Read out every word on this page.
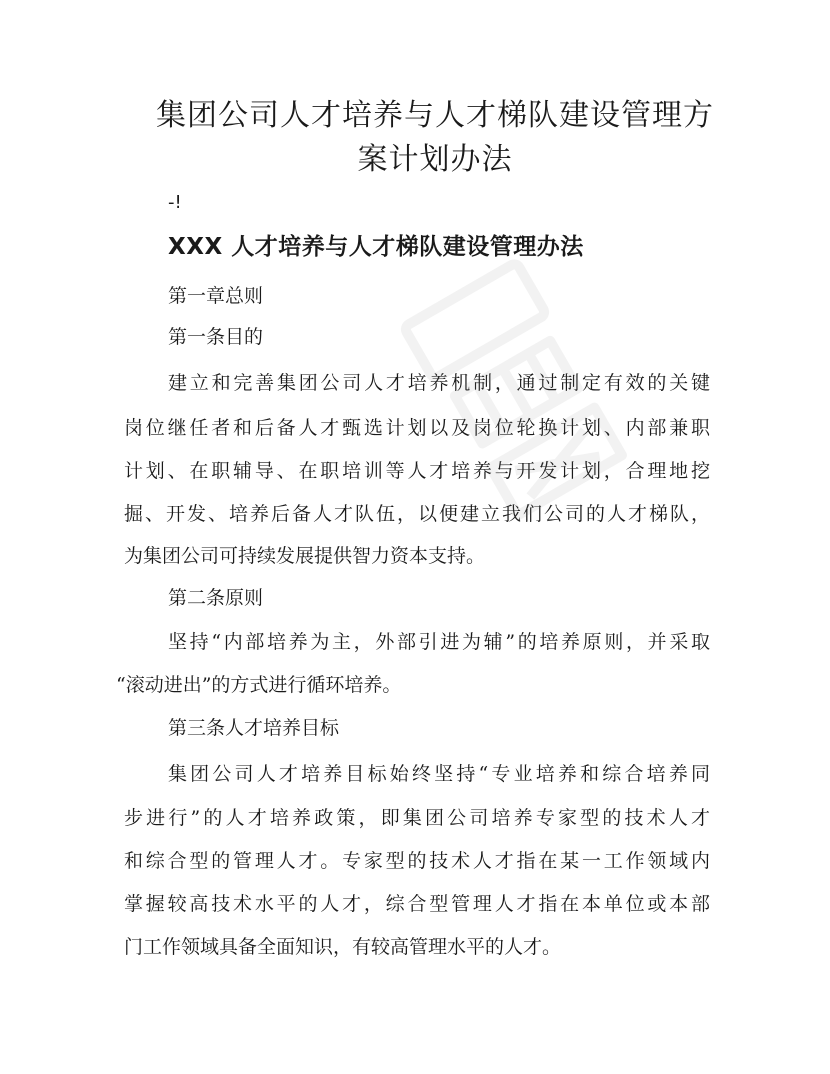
集团公司人才培养与人才梯队建设管理方
案计划办法
-!
XXX 人才培养与人才梯队建设管理办法
第一章总则
第一条目的
建立和完善集团公司人才培养机制，通过制定有效的关键
岗位继任者和后备人才甄选计划以及岗位轮换计划、内部兼职
计划、在职辅导、在职培训等人才培养与开发计划，合理地挖
掘、开发、培养后备人才队伍，以便建立我们公司的人才梯队，
为集团公司可持续发展提供智力资本支持。
第二条原则
坚持“内部培养为主，外部引进为辅”的培养原则，并采取
“滚动进出”的方式进行循环培养。
第三条人才培养目标
集团公司人才培养目标始终坚持“专业培养和综合培养同
步进行”的人才培养政策，即集团公司培养专家型的技术人才
和综合型的管理人才。专家型的技术人才指在某一工作领域内
掌握较高技术水平的人才，综合型管理人才指在本单位或本部
门工作领域具备全面知识，有较高管理水平的人才。
